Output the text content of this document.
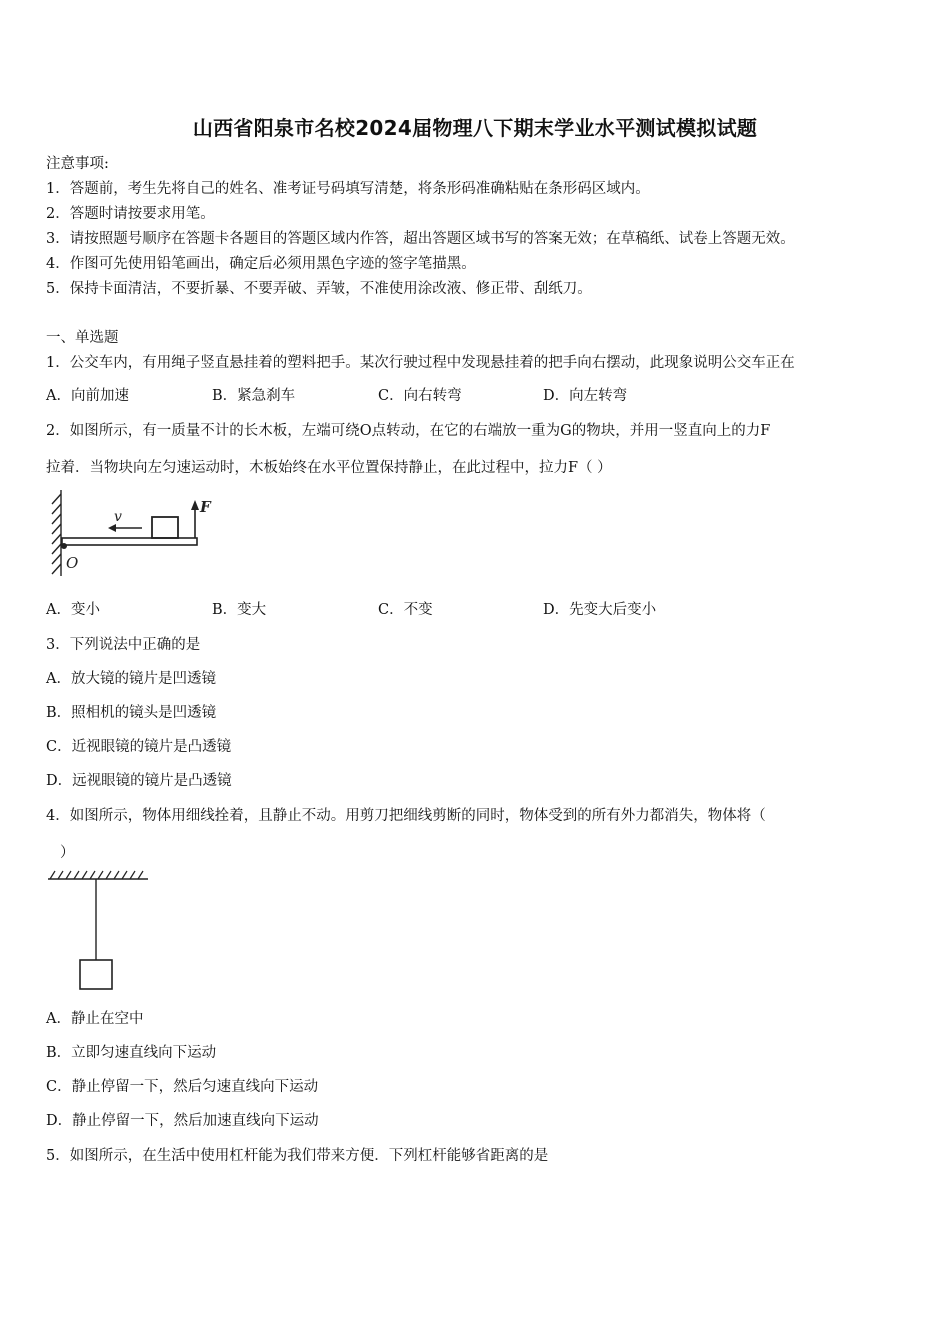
山西省阳泉市名校2024届物理八下期末学业水平测试模拟试题
注意事项:
1．答题前，考生先将自己的姓名、准考证号码填写清楚，将条形码准确粘贴在条形码区域内。
2．答题时请按要求用笔。
3．请按照题号顺序在答题卡各题目的答题区域内作答，超出答题区域书写的答案无效；在草稿纸、试卷上答题无效。
4．作图可先使用铅笔画出，确定后必须用黑色字迹的签字笔描黑。
5．保持卡面清洁，不要折暴、不要弄破、弄皱，不准使用涂改液、修正带、刮纸刀。
一、单选题
1．公交车内，有用绳子竖直悬挂着的塑料把手。某次行驶过程中发现悬挂着的把手向右摆动，此现象说明公交车正在
A．向前加速	B．紧急刹车	C．向右转弯	D．向左转弯
2．如图所示，有一质量不计的长木板，左端可绕O点转动，在它的右端放一重为G的物块，并用一竖直向上的力F
拉着．当物块向左匀速运动时，木板始终在水平位置保持静止，在此过程中，拉力F（ ）
v
F
O
A．变小	B．变大	C．不变	D．先变大后变小
3．下列说法中正确的是
A．放大镜的镜片是凹透镜
B．照相机的镜头是凹透镜
C．近视眼镜的镜片是凸透镜
D．远视眼镜的镜片是凸透镜
4．如图所示，物体用细线拴着，且静止不动。用剪刀把细线剪断的同时，物体受到的所有外力都消失，物体将（
）
A．静止在空中
B．立即匀速直线向下运动
C．静止停留一下，然后匀速直线向下运动
D．静止停留一下，然后加速直线向下运动
5．如图所示，在生活中使用杠杆能为我们带来方便．下列杠杆能够省距离的是
